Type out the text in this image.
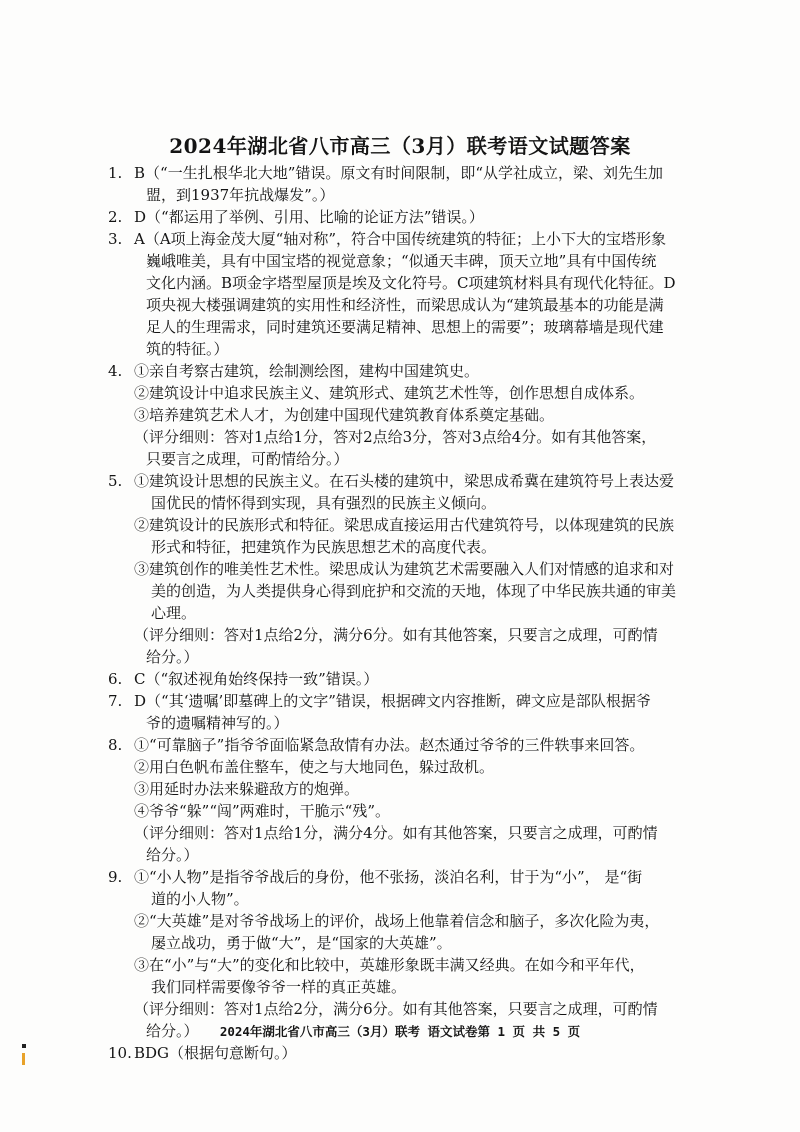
2024年湖北省八市高三（3月）联考语文试题答案
1. B（“一生扎根华北大地”错误。原文有时间限制，即“从学社成立，梁、刘先生加
盟，到1937年抗战爆发”。）
2. D（“都运用了举例、引用、比喻的论证方法”错误。）
3. A（A项上海金茂大厦“轴对称”，符合中国传统建筑的特征；上小下大的宝塔形象
巍峨唯美，具有中国宝塔的视觉意象；“似通天丰碑，顶天立地”具有中国传统
文化内涵。B项金字塔型屋顶是埃及文化符号。C项建筑材料具有现代化特征。D
项央视大楼强调建筑的实用性和经济性，而梁思成认为“建筑最基本的功能是满
足人的生理需求，同时建筑还要满足精神、思想上的需要”；玻璃幕墙是现代建
筑的特征。）
4. ①亲自考察古建筑，绘制测绘图，建构中国建筑史。
②建筑设计中追求民族主义、建筑形式、建筑艺术性等，创作思想自成体系。
③培养建筑艺术人才，为创建中国现代建筑教育体系奠定基础。
（评分细则：答对1点给1分，答对2点给3分，答对3点给4分。如有其他答案，
只要言之成理，可酌情给分。）
5. ①建筑设计思想的民族主义。在石头楼的建筑中，梁思成希冀在建筑符号上表达爱
国优民的情怀得到实现，具有强烈的民族主义倾向。
②建筑设计的民族形式和特征。梁思成直接运用古代建筑符号，以体现建筑的民族
形式和特征，把建筑作为民族思想艺术的高度代表。
③建筑创作的唯美性艺术性。梁思成认为建筑艺术需要融入人们对情感的追求和对
美的创造，为人类提供身心得到庇护和交流的天地，体现了中华民族共通的审美
心理。
（评分细则：答对1点给2分，满分6分。如有其他答案，只要言之成理，可酌情
给分。）
6. C（“叙述视角始终保持一致”错误。）
7. D（“其‘遗嘱’即墓碑上的文字”错误，根据碑文内容推断，碑文应是部队根据爷
爷的遗嘱精神写的。）
8. ①“可靠脑子”指爷爷面临紧急敌情有办法。赵杰通过爷爷的三件轶事来回答。
②用白色帆布盖住整车，使之与大地同色，躲过敌机。
③用延时办法来躲避敌方的炮弹。
④爷爷“躲”“闯”两难时，干脆示“残”。
（评分细则：答对1点给1分，满分4分。如有其他答案，只要言之成理，可酌情
给分。）
9. ①“小人物”是指爷爷战后的身份，他不张扬，淡泊名利，甘于为“小”， 是“街
道的小人物”。
②“大英雄”是对爷爷战场上的评价，战场上他靠着信念和脑子，多次化险为夷，
屡立战功，勇于做“大”，是“国家的大英雄”。
③在“小”与“大”的变化和比较中，英雄形象既丰满又经典。在如今和平年代，
我们同样需要像爷爷一样的真正英雄。
（评分细则：答对1点给2分，满分6分。如有其他答案，只要言之成理，可酌情
给分。）
10. BDG（根据句意断句。）
2024年湖北省八市高三（3月）联考 语文试卷第 1 页 共 5 页
